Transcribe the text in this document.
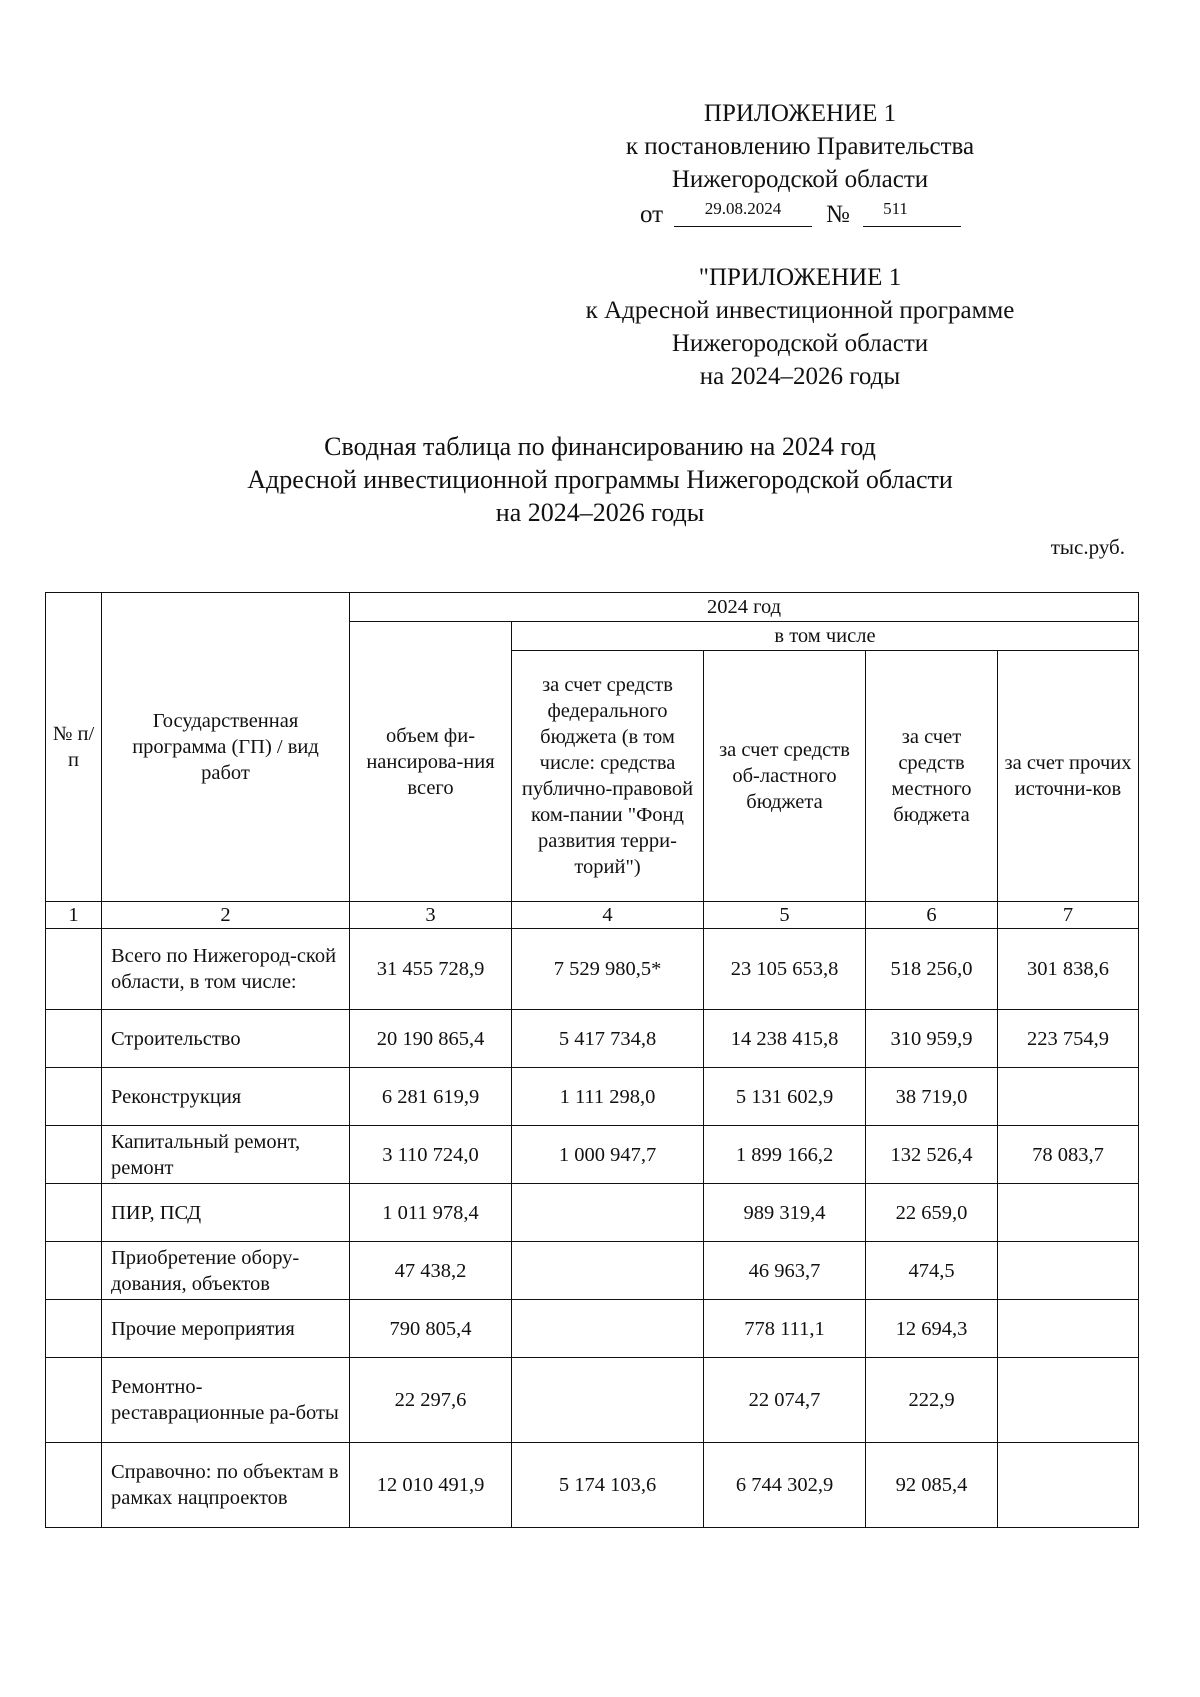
ПРИЛОЖЕНИЕ 1
к постановлению Правительства
Нижегородской области
от	29.08.2024	№	511
"ПРИЛОЖЕНИЕ 1
к Адресной инвестиционной программе
Нижегородской области
на 2024–2026 годы
Сводная таблица по финансированию на 2024 год
Адресной инвестиционной программы Нижегородской области
на 2024–2026 годы
тыс.руб.
№ п/п	Государственная программа (ГП) / вид работ	2024 год				
		объем фи-нансирова-ния всего	в том числе			
			за счет средств федерального бюджета (в том числе: средства публично-правовой ком-пании "Фонд развития терри-торий")	за счет средств об-ластного бюджета	за счет средств местного бюджета	за счет прочих источни-ков
1	2	3	4	5	6	7
	Всего по Нижегород-ской области, в том числе:	31 455 728,9	7 529 980,5*	23 105 653,8	518 256,0	301 838,6
	Строительство	20 190 865,4	5 417 734,8	14 238 415,8	310 959,9	223 754,9
	Реконструкция	6 281 619,9	1 111 298,0	5 131 602,9	38 719,0	
	Капитальный ремонт, ремонт	3 110 724,0	1 000 947,7	1 899 166,2	132 526,4	78 083,7
	ПИР, ПСД	1 011 978,4		989 319,4	22 659,0	
	Приобретение обору-дования, объектов	47 438,2		46 963,7	474,5	
	Прочие мероприятия	790 805,4		778 111,1	12 694,3	
	Ремонтно-реставрационные ра-боты	22 297,6		22 074,7	222,9	
	Справочно: по объектам в рамках нацпроектов	12 010 491,9	5 174 103,6	6 744 302,9	92 085,4	
